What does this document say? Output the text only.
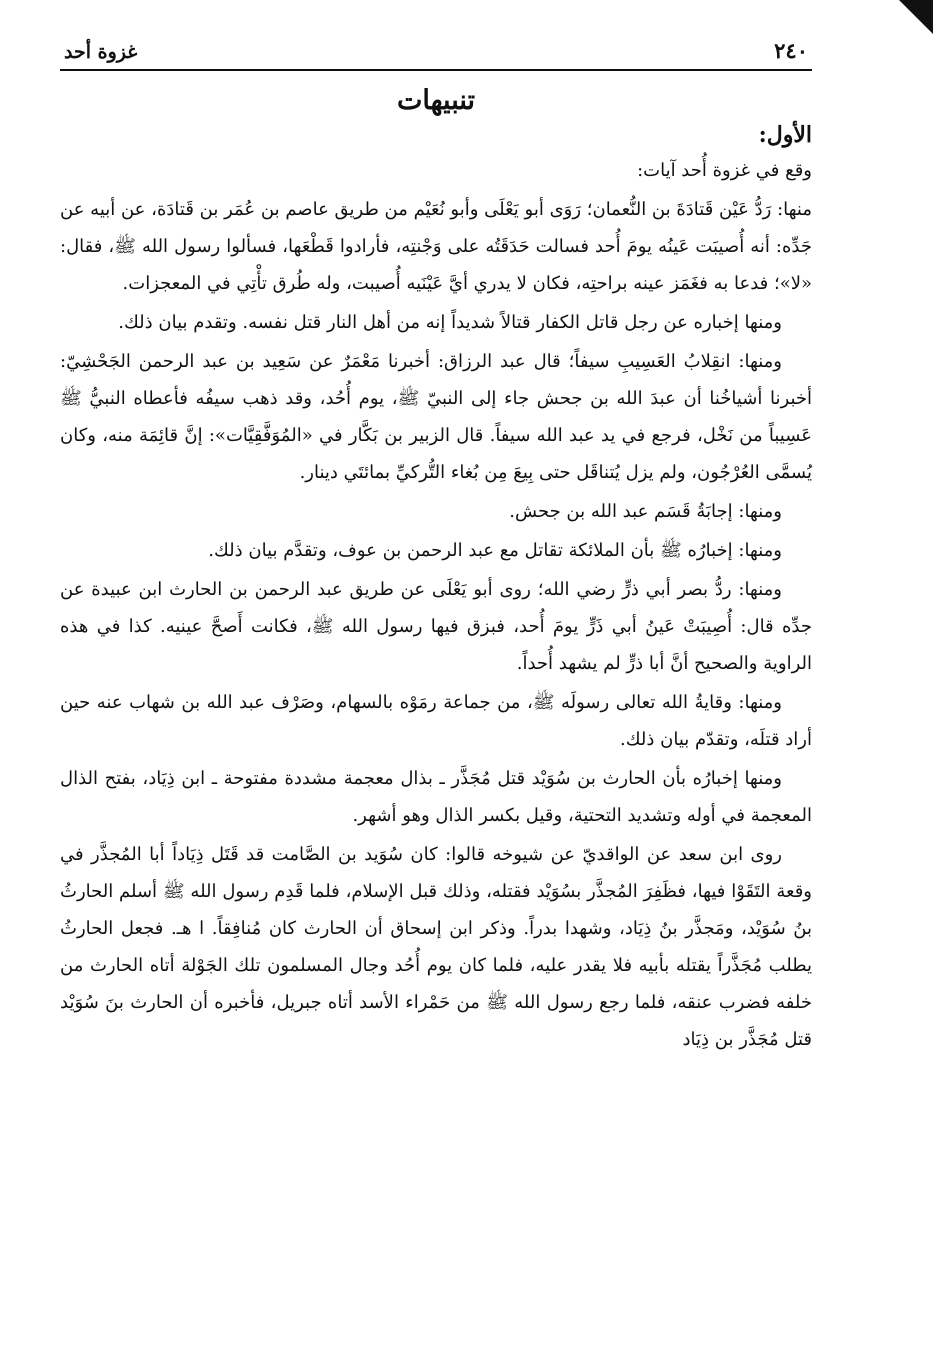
٢٤٠
غزوة أحد
تنبيهات
الأول:

وقع في غزوة أُحد آيات:

منها: رَدُّ عَيْن قَتادَةَ بن النُّعمان؛ رَوَى أبو يَعْلَى وأبو نُعَيْم من طريق عاصم بن عُمَر بن قَتادَة، عن أبيه عن جَدِّه: أنه أُصيبَت عَينُه يومَ أُحد فسالت حَدَقَتُه على وَجْنتِه، فأرادوا قَطْعَها، فسألوا رسول الله ﷺ، فقال: «لا»؛ فدعا به فغَمَز عينه براحتِه، فكان لا يدري أيَّ عَيْنَيه أُصيبت، وله طُرق تأْتِي في المعجزات.

ومنها إخباره عن رجل قاتل الكفار قتالاً شديداً إنه من أهل النار قتل نفسه. وتقدم بيان ذلك.

ومنها: انقِلابُ العَسِيبِ سيفاً؛ قال عبد الرزاق: أخبرنا مَعْمَرٌ عن سَعِيد بن عبد الرحمن الجَحْشِيّ: أخبرنا أشياخُنا أن عبدَ الله بن جحش جاء إلى النبيّ ﷺ، يوم أُحُد، وقد ذهب سيفُه فأعطاه النبيُّ ﷺ عَسِيباً من نَخْل، فرجع في يد عبد الله سيفاً. قال الزبير بن بَكَّار في «المُوَفَّقِيَّات»: إنَّ قائِمَة منه، وكان يُسمَّى العُرْجُون، ولم يزل يُتناقَل حتى بِيعَ مِن بُغاء التُّركيِّ بمائتَي دينار.

ومنها: إجابَةُ قَسَم عبد الله بن جحش.

ومنها: إخبارُه ﷺ بأن الملائكة تقاتل مع عبد الرحمن بن عوف، وتقدَّم بيان ذلك.

ومنها: ردُّ بصر أبي ذرٍّ رضي الله؛ روى أبو يَعْلَى عن طريق عبد الرحمن بن الحارث ابن عبيدة عن جدِّه قال: أُصِيبَتْ عَينُ أبي ذَرٍّ يومَ أُحد، فبزق فيها رسول الله ﷺ، فكانت أَصحَّ عينيه. كذا في هذه الراوية والصحيح أنَّ أبا ذرٍّ لم يشهد أُحداً.

ومنها: وقايةُ الله تعالى رسولَه ﷺ، من جماعة رمَوْه بالسهام، وصَرْف عبد الله بن شهاب عنه حين أراد قتلَه، وتقدّم بيان ذلك.

ومنها إخبارُه بأن الحارث بن سُوَيْد قتل مُجَذَّر ـ بذال معجمة مشددة مفتوحة ـ ابن ذِيَاد، بفتح الذال المعجمة في أوله وتشديد التحتية، وقيل بكسر الذال وهو أشهر.

روى ابن سعد عن الواقديّ عن شيوخه قالوا: كان سُوَيد بن الصَّامت قد قَتَل ذِيَاداً أبا المُجذَّر في وقعة التَقَوْا فيها، فظَفِرَ المُجذَّر بسُوَيْد فقتله، وذلك قبل الإسلام، فلما قَدِم رسول الله ﷺ أسلم الحارثُ بنُ سُوَيْد، ومَجذَّر بنُ ذِيَاد، وشهدا بدراً. وذكر ابن إسحاق أن الحارث كان مُنافِقاً. ا هـ. فجعل الحارثُ يطلب مُجَذَّراً يقتله بأبيه فلا يقدر عليه، فلما كان يوم أُحُد وجال المسلمون تلك الجَوْلة أتاه الحارث من خلفه فضرب عنقه، فلما رجع رسول الله ﷺ من حَمْراء الأسد أتاه جبريل، فأخبره أن الحارث بنَ سُوَيْد قتل مُجَذَّر بن ذِيَاد
